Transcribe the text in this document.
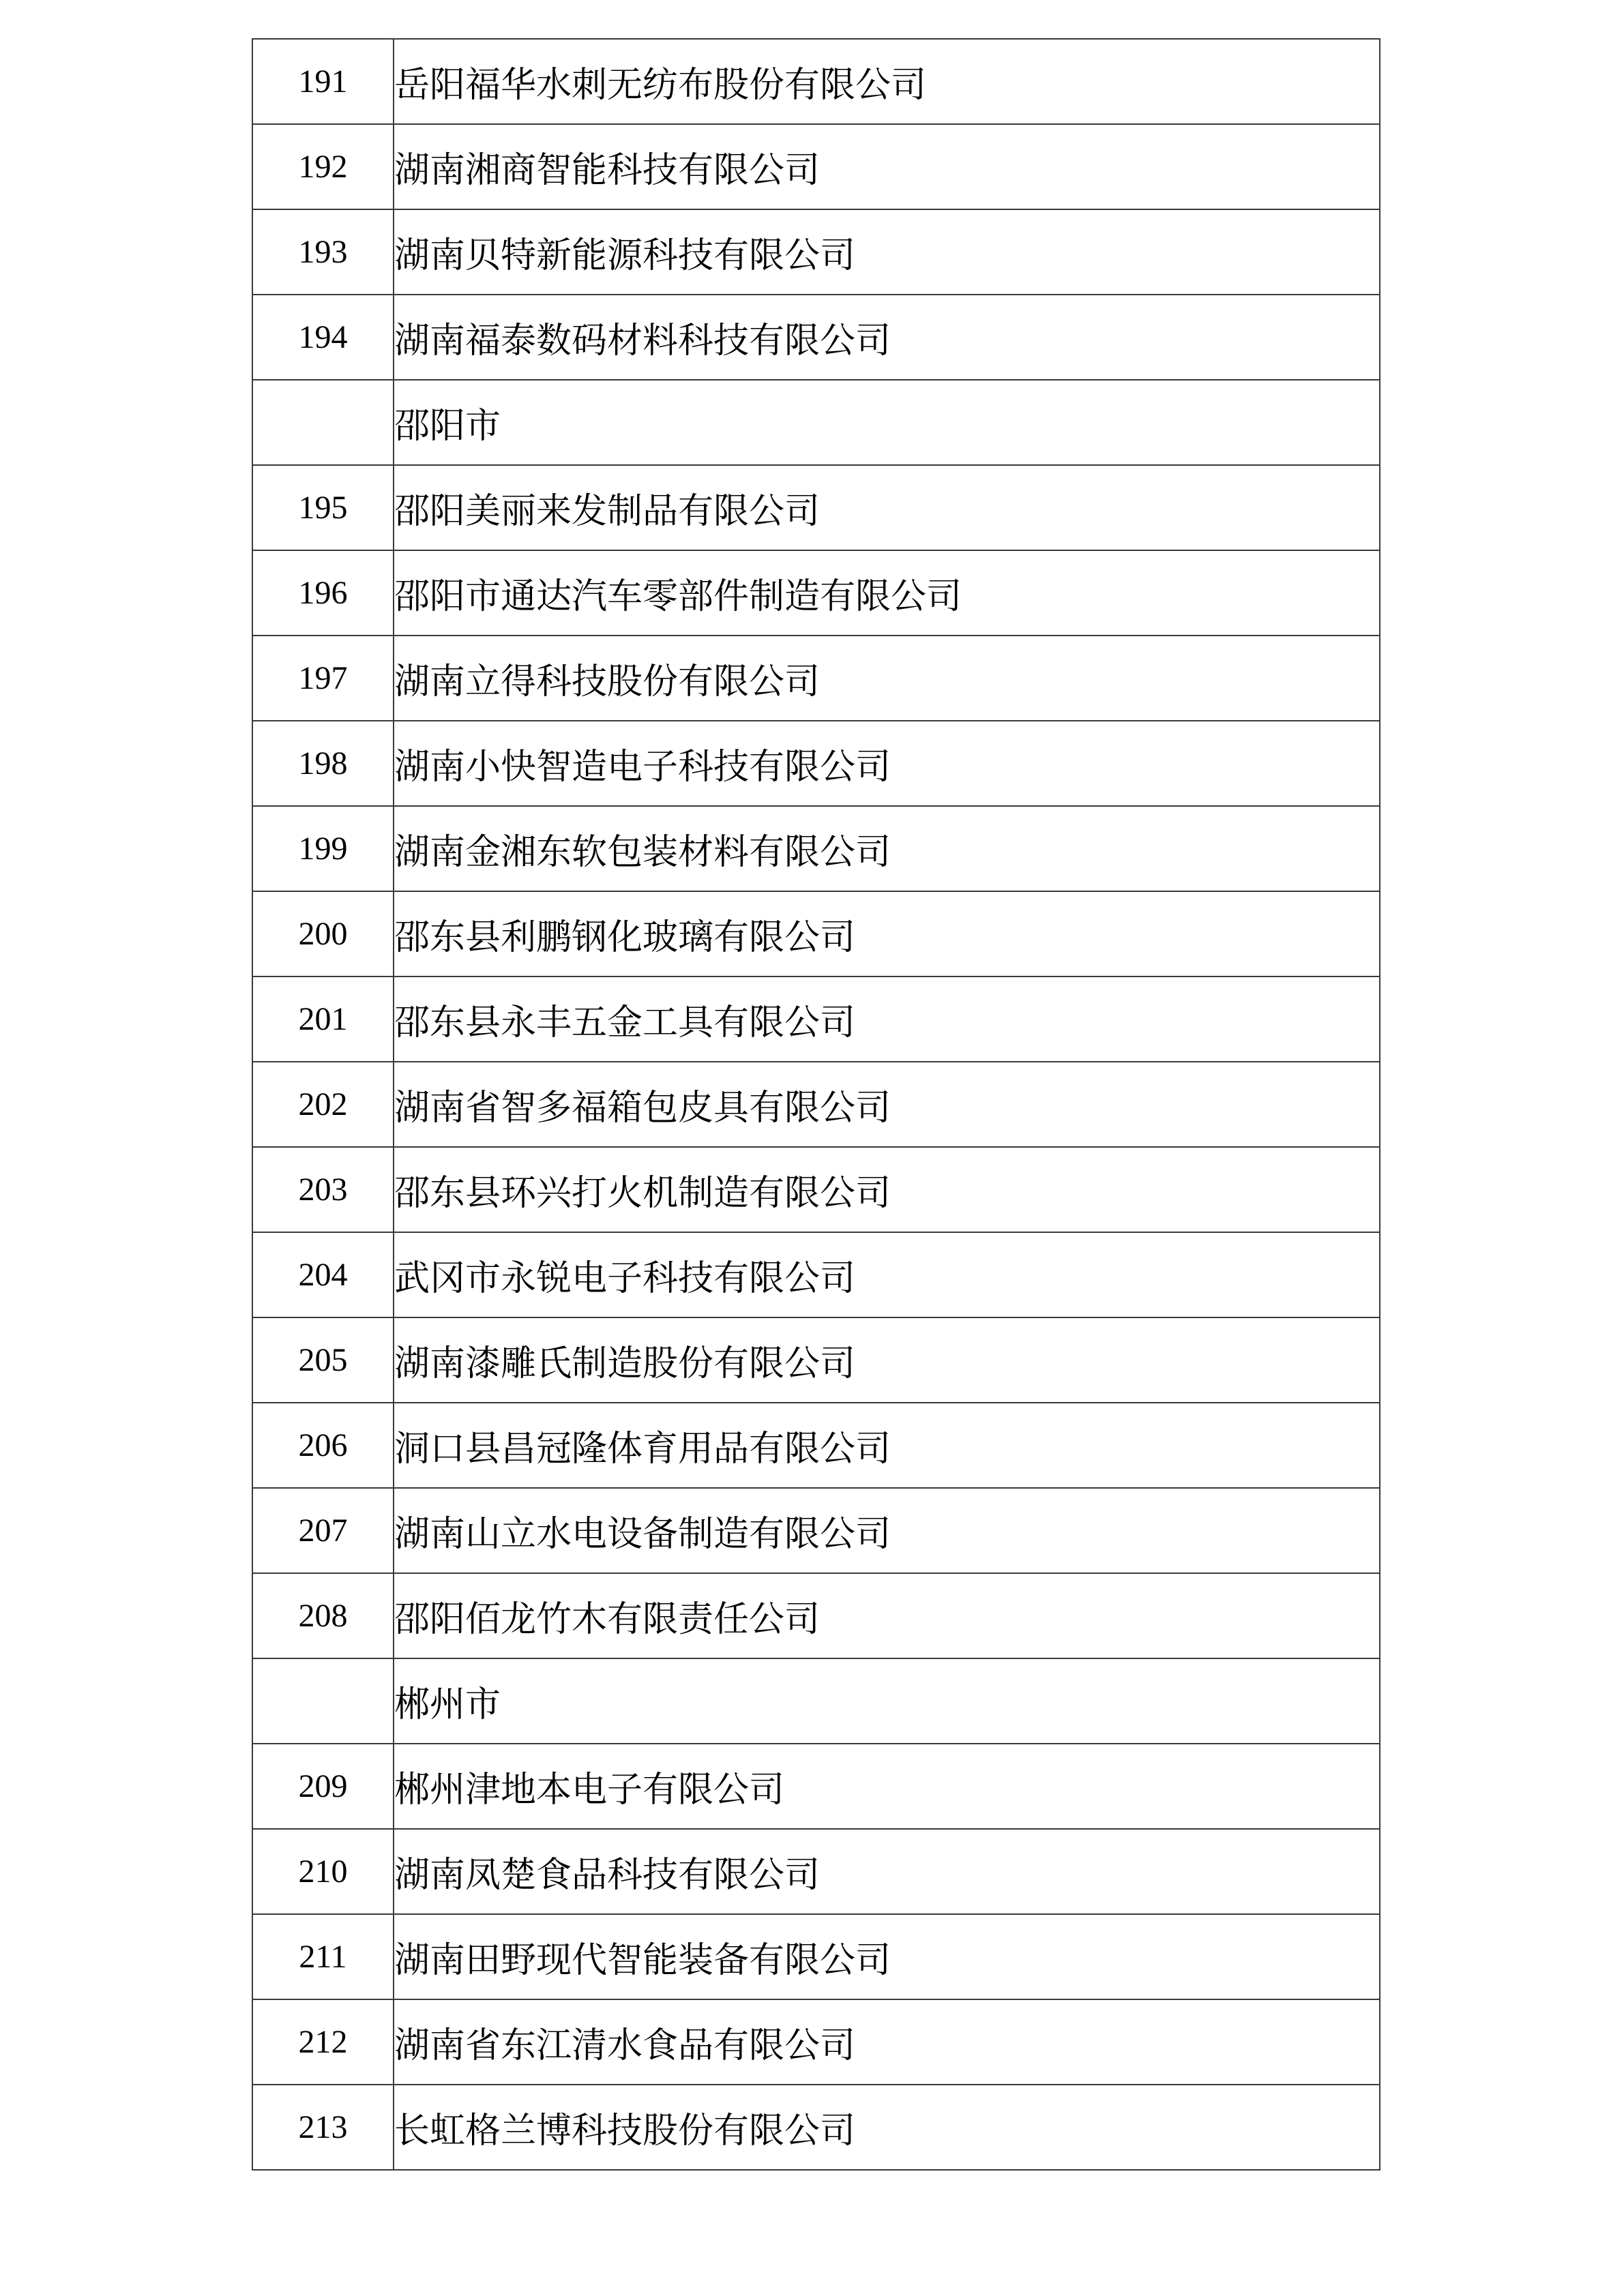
191	岳阳福华水刺无纺布股份有限公司
192	湖南湘商智能科技有限公司
193	湖南贝特新能源科技有限公司
194	湖南福泰数码材料科技有限公司
	邵阳市
195	邵阳美丽来发制品有限公司
196	邵阳市通达汽车零部件制造有限公司
197	湖南立得科技股份有限公司
198	湖南小快智造电子科技有限公司
199	湖南金湘东软包装材料有限公司
200	邵东县利鹏钢化玻璃有限公司
201	邵东县永丰五金工具有限公司
202	湖南省智多福箱包皮具有限公司
203	邵东县环兴打火机制造有限公司
204	武冈市永锐电子科技有限公司
205	湖南漆雕氏制造股份有限公司
206	洞口县昌冠隆体育用品有限公司
207	湖南山立水电设备制造有限公司
208	邵阳佰龙竹木有限责任公司
	郴州市
209	郴州津地本电子有限公司
210	湖南凤楚食品科技有限公司
211	湖南田野现代智能装备有限公司
212	湖南省东江清水食品有限公司
213	长虹格兰博科技股份有限公司
